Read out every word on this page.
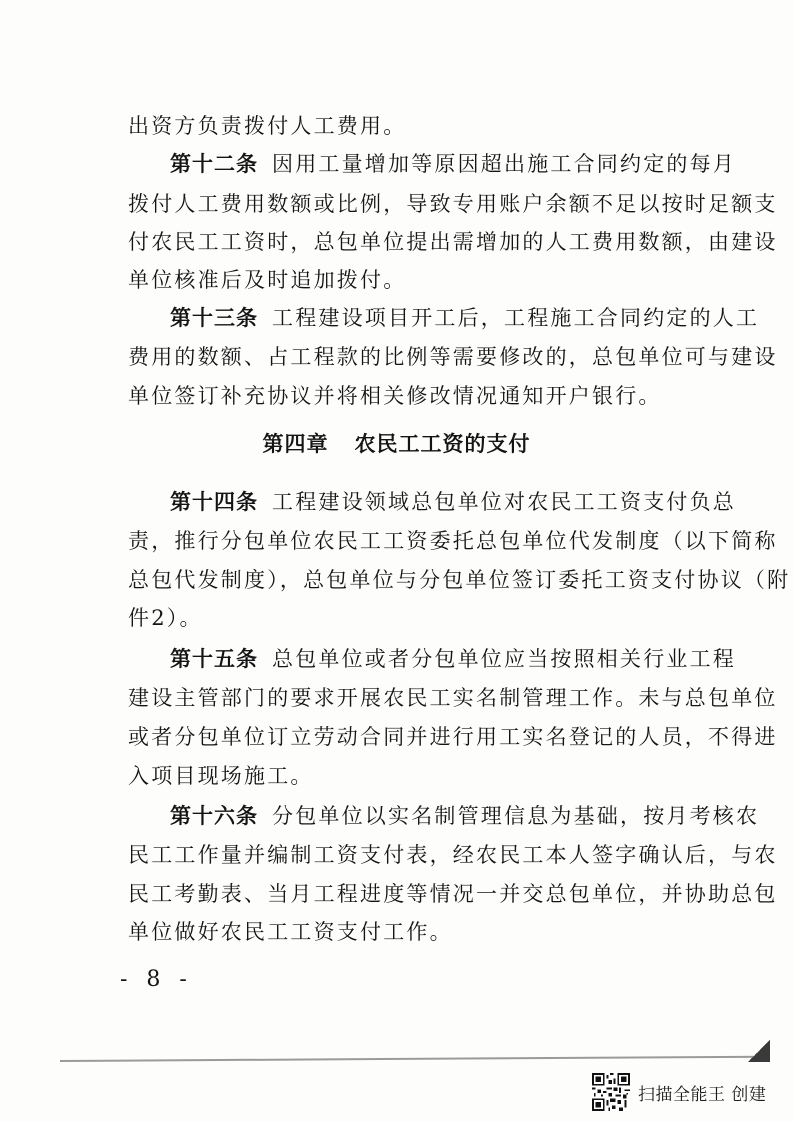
出资方负责拨付人工费用。
第十二条 因用工量增加等原因超出施工合同约定的每月
拨付人工费用数额或比例，导致专用账户余额不足以按时足额支
付农民工工资时，总包单位提出需增加的人工费用数额，由建设
单位核准后及时追加拨付。
第十三条 工程建设项目开工后，工程施工合同约定的人工
费用的数额、占工程款的比例等需要修改的，总包单位可与建设
单位签订补充协议并将相关修改情况通知开户银行。
第四章 农民工工资的支付
第十四条 工程建设领域总包单位对农民工工资支付负总
责，推行分包单位农民工工资委托总包单位代发制度（以下简称
总包代发制度），总包单位与分包单位签订委托工资支付协议（附
件2）。
第十五条 总包单位或者分包单位应当按照相关行业工程
建设主管部门的要求开展农民工实名制管理工作。未与总包单位
或者分包单位订立劳动合同并进行用工实名登记的人员，不得进
入项目现场施工。
第十六条 分包单位以实名制管理信息为基础，按月考核农
民工工作量并编制工资支付表，经农民工本人签字确认后，与农
民工考勤表、当月工程进度等情况一并交总包单位，并协助总包
单位做好农民工工资支付工作。
- 8 -
扫描全能王 创建
